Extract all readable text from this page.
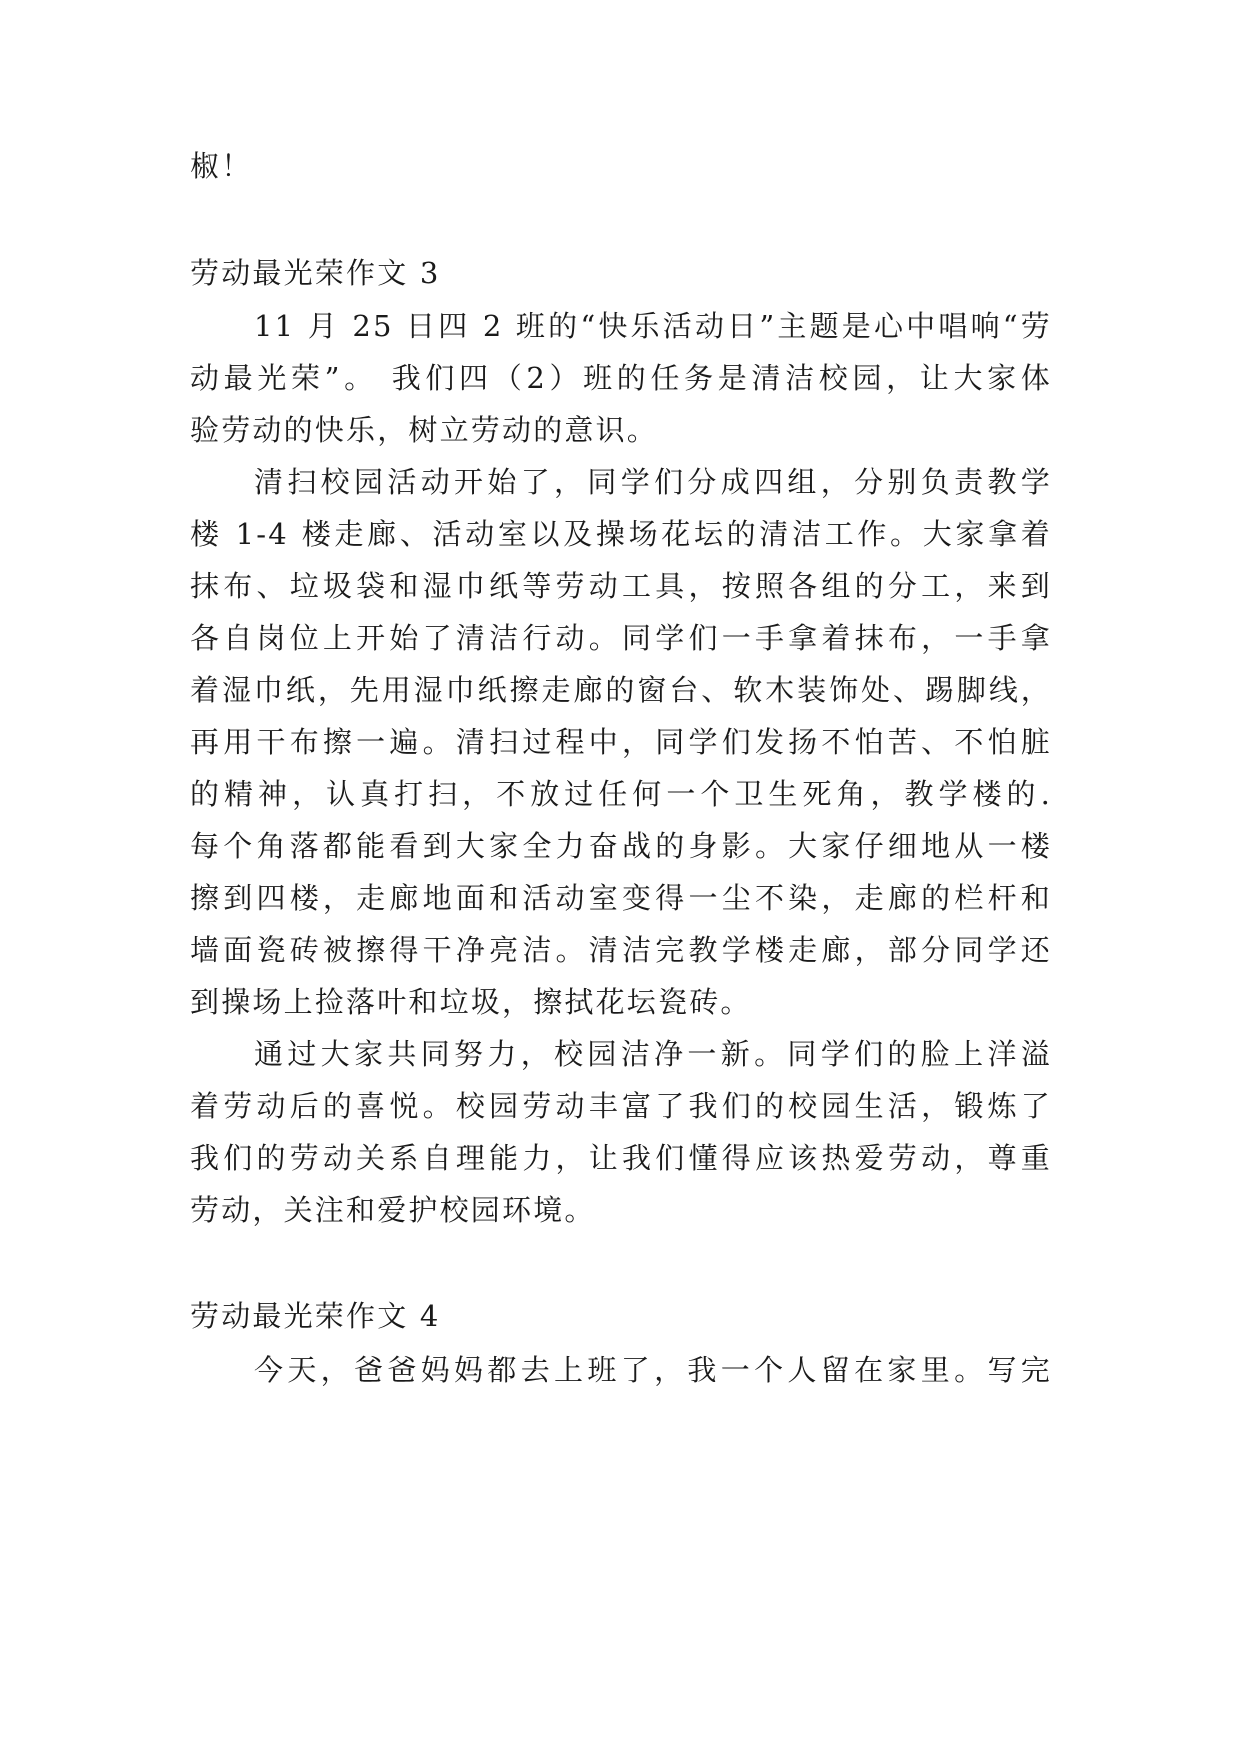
椒！
劳动最光荣作文 3
11 月 25 日四 2 班的“快乐活动日”主题是心中唱响“劳
动最光荣”。 我们四（2）班的任务是清洁校园，让大家体
验劳动的快乐，树立劳动的意识。
清扫校园活动开始了，同学们分成四组，分别负责教学
楼 1-4 楼走廊、活动室以及操场花坛的清洁工作。大家拿着
抹布、垃圾袋和湿巾纸等劳动工具，按照各组的分工，来到
各自岗位上开始了清洁行动。同学们一手拿着抹布，一手拿
着湿巾纸，先用湿巾纸擦走廊的窗台、软木装饰处、踢脚线，
再用干布擦一遍。清扫过程中，同学们发扬不怕苦、不怕脏
的精神，认真打扫，不放过任何一个卫生死角，教学楼的.
每个角落都能看到大家全力奋战的身影。大家仔细地从一楼
擦到四楼，走廊地面和活动室变得一尘不染，走廊的栏杆和
墙面瓷砖被擦得干净亮洁。清洁完教学楼走廊，部分同学还
到操场上捡落叶和垃圾，擦拭花坛瓷砖。
通过大家共同努力，校园洁净一新。同学们的脸上洋溢
着劳动后的喜悦。校园劳动丰富了我们的校园生活，锻炼了
我们的劳动关系自理能力，让我们懂得应该热爱劳动，尊重
劳动，关注和爱护校园环境。
劳动最光荣作文 4
今天，爸爸妈妈都去上班了，我一个人留在家里。写完
